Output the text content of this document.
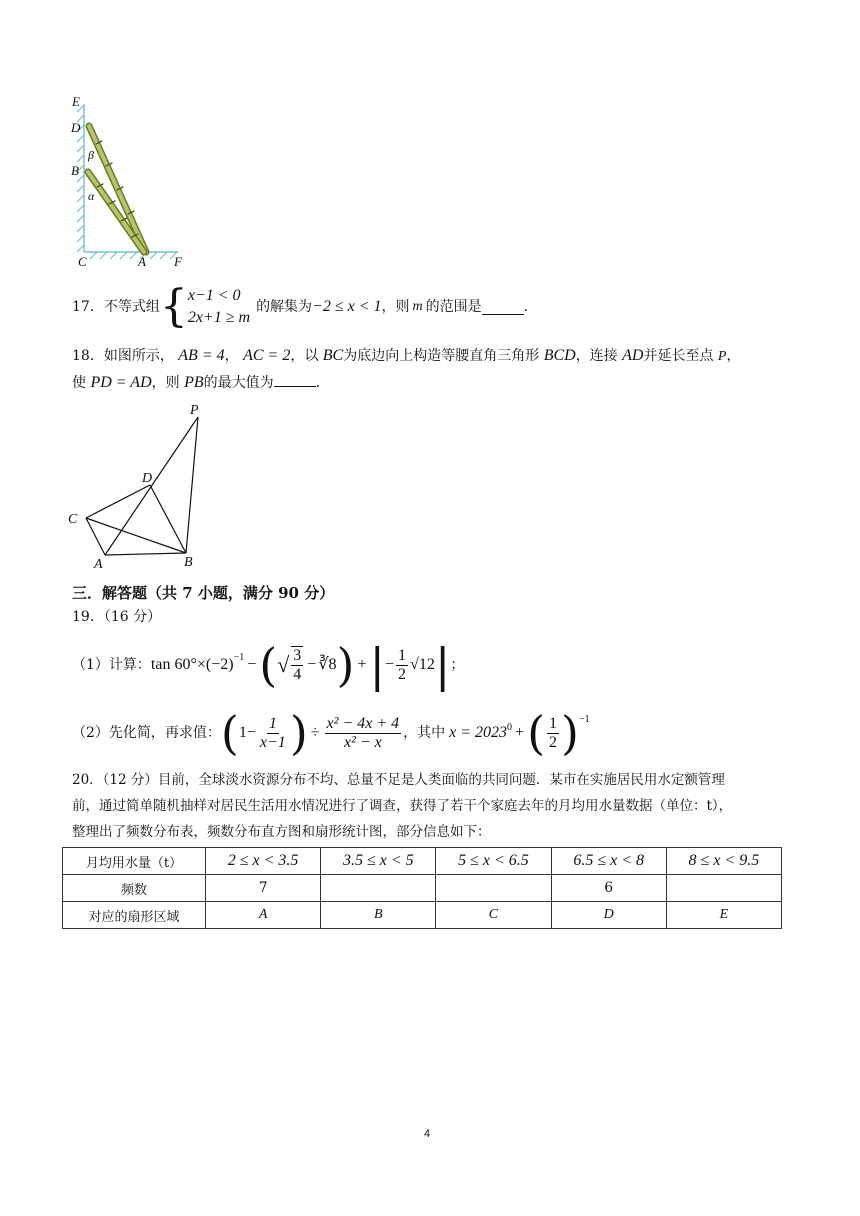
E
D
B
β
α
C	A F
17． 不等式组 { x−1 < 0
2x+1 ≥ m
的解集为 −2 ≤ x < 1 ，则 m 的范围是	.
18．如图所示， AB = 4， AC = 2，以 BC为底边向上构造等腰直角三角形 BCD，连接 AD并延长至点 P，
使 PD = AD，则 PB的最大值为	.
P
D
C
A	B
三．解答题（共 7 小题，满分 90 分）
19．（16 分）
（1）计算： $\tan 60^\circ\times(-2)^{-1}$ − ( √ $\frac{3}{4}$ − ∛8 ) + | − $\frac{1}{2} √12$ | ；
（2）先化简，再求值： ( $1- \frac{1}{x-1}$ ) ÷ $\frac{\text{x² − 4x + 4}}{\text{x² − x}}$ ，其中 $x = 2023^0$ + ( $\frac{1}{2} )^{-1}$
20．（12 分）目前，全球淡水资源分布不均、总量不足是人类面临的共同问题．某市在实施居民用水定额管理
前，通过简单随机抽样对居民生活用水情况进行了调查，获得了若干个家庭去年的月均用水量数据（单位：t），
整理出了频数分布表，频数分布直方图和扇形统计图，部分信息如下：
月均用水量（t）	2 ≤ x < 3.5	3.5 ≤ x < 5	5 ≤ x < 6.5	6.5 ≤ x < 8	8 ≤ x < 9.5
频数	7			6	
对应的扇形区域	A	B	C	D	E
4
